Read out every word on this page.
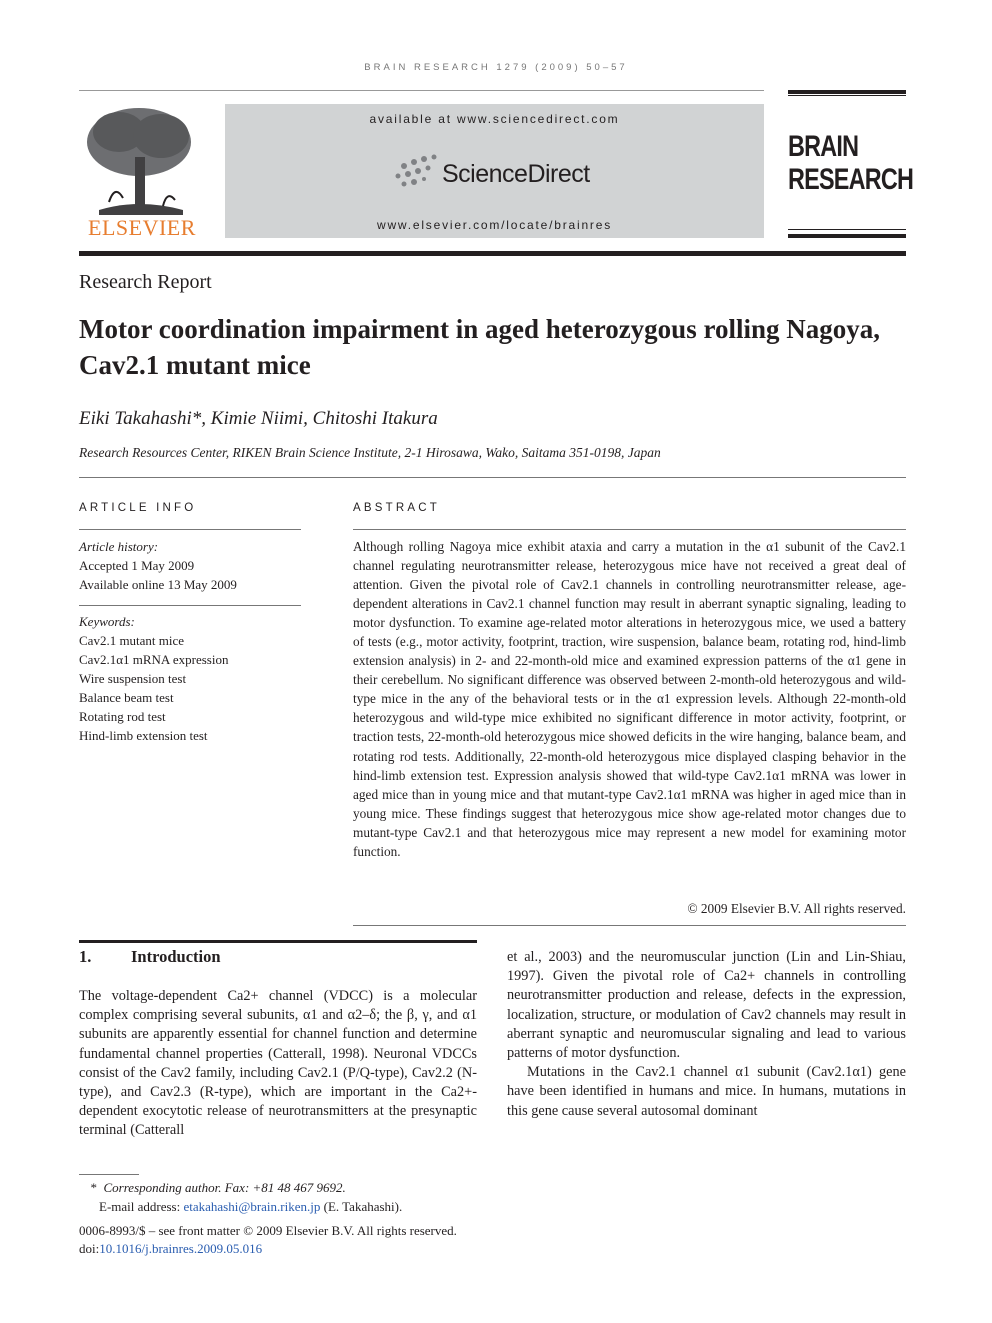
BRAIN RESEARCH 1279 (2009) 50–57
ELSEVIER
available at www.sciencedirect.com
ScienceDirect
www.elsevier.com/locate/brainres
BRAIN
RESEARCH
Research Report
Motor coordination impairment in aged heterozygous rolling Nagoya, Cav2.1 mutant mice
Eiki Takahashi*, Kimie Niimi, Chitoshi Itakura
Research Resources Center, RIKEN Brain Science Institute, 2-1 Hirosawa, Wako, Saitama 351-0198, Japan
ARTICLE INFO	ABSTRACT
Article history:
Accepted 1 May 2009
Available online 13 May 2009
Keywords:
Cav2.1 mutant mice
Cav2.1α1 mRNA expression
Wire suspension test
Balance beam test
Rotating rod test
Hind-limb extension test
Although rolling Nagoya mice exhibit ataxia and carry a mutation in the α1 subunit of the Cav2.1 channel regulating neurotransmitter release, heterozygous mice have not received a great deal of attention. Given the pivotal role of Cav2.1 channels in controlling neurotransmitter release, age-dependent alterations in Cav2.1 channel function may result in aberrant synaptic signaling, leading to motor dysfunction. To examine age-related motor alterations in heterozygous mice, we used a battery of tests (e.g., motor activity, footprint, traction, wire suspension, balance beam, rotating rod, hind-limb extension analysis) in 2- and 22-month-old mice and examined expression patterns of the α1 gene in their cerebellum. No significant difference was observed between 2-month-old heterozygous and wild-type mice in the any of the behavioral tests or in the α1 expression levels. Although 22-month-old heterozygous and wild-type mice exhibited no significant difference in motor activity, footprint, or traction tests, 22-month-old heterozygous mice showed deficits in the wire hanging, balance beam, and rotating rod tests. Additionally, 22-month-old heterozygous mice displayed clasping behavior in the hind-limb extension test. Expression analysis showed that wild-type Cav2.1α1 mRNA was lower in aged mice than in young mice and that mutant-type Cav2.1α1 mRNA was higher in aged mice than in young mice. These findings suggest that heterozygous mice show age-related motor changes due to mutant-type Cav2.1 and that heterozygous mice may represent a new model for examining motor function.
© 2009 Elsevier B.V. All rights reserved.
1. Introduction
The voltage-dependent Ca2+ channel (VDCC) is a molecular complex comprising several subunits, α1 and α2–δ; the β, γ, and α1 subunits are apparently essential for channel function and determine fundamental channel properties (Catterall, 1998). Neuronal VDCCs consist of the Cav2 family, including Cav2.1 (P/Q-type), Cav2.2 (N-type), and Cav2.3 (R-type), which are important in the Ca2+-dependent exocytotic release of neurotransmitters at the presynaptic terminal (Catterall

et al., 2003) and the neuromuscular junction (Lin and Lin-Shiau, 1997). Given the pivotal role of Ca2+ channels in controlling neurotransmitter production and release, defects in the expression, localization, structure, or modulation of Cav2 channels may result in aberrant synaptic and neuromuscular signaling and lead to various patterns of motor dysfunction.

Mutations in the Cav2.1 channel α1 subunit (Cav2.1α1) gene have been identified in humans and mice. In humans, mutations in this gene cause several autosomal dominant

* Corresponding author. Fax: +81 48 467 9692.
E-mail address: etakahashi@brain.riken.jp (E. Takahashi).
0006-8993/$ – see front matter © 2009 Elsevier B.V. All rights reserved.
doi:10.1016/j.brainres.2009.05.016
